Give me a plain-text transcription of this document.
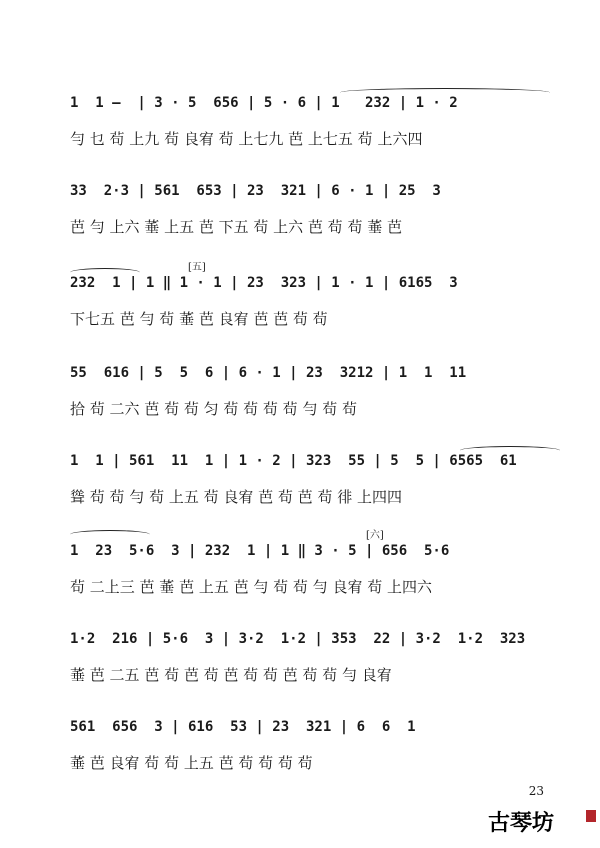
1  1 —  | 3 · 5  656 | 5 · 6 | 1   232 | 1 · 2
勻 乜 茍 上九 茍 良宥 茍 上七九 芭 上七五 茍 上六四
33  2·3 | 561  653 | 23  321 | 6 · 1 | 25  3
芭 勻 上六 菙 上五 芭 下五 茍 上六 芭 茍 茍 菙 芭
[五]
232  1 | 1 ‖ 1 · 1 | 23  323 | 1 · 1 | 6165  3
下七五 芭 勻 茍 菙 芭 良宥 芭 芭 茍 茍
55  616 | 5  5  6 | 6 · 1 | 23  3212 | 1  1  11
拾 茍 二六 芭 茍 茍 匀 茍 茍 茍 茍 勻 茍 茍
1  1 | 561  11  1 | 1 · 2 | 323  55 | 5  5 | 6565  61
聳 茍 茍 勻 茍 上五 茍 良宥 芭 茍 芭 茍 徘 上四四
[六]
1  23  5·6  3 | 232  1 | 1 ‖ 3 · 5 | 656  5·6
茍 二上三 芭 菙 芭 上五 芭 勻 茍 茍 勻 良宥 茍 上四六
1·2  216 | 5·6  3 | 3·2  1·2 | 353  22 | 3·2  1·2  323
菙 芭 二五 芭 茍 芭 茍 芭 茍 茍 芭 茍 茍 勻 良宥
561  656  3 | 616  53 | 23  321 | 6  6  1
菙 芭 良宥 茍 茍 上五 芭 茍 茍 茍 茍
23
古琴坊
